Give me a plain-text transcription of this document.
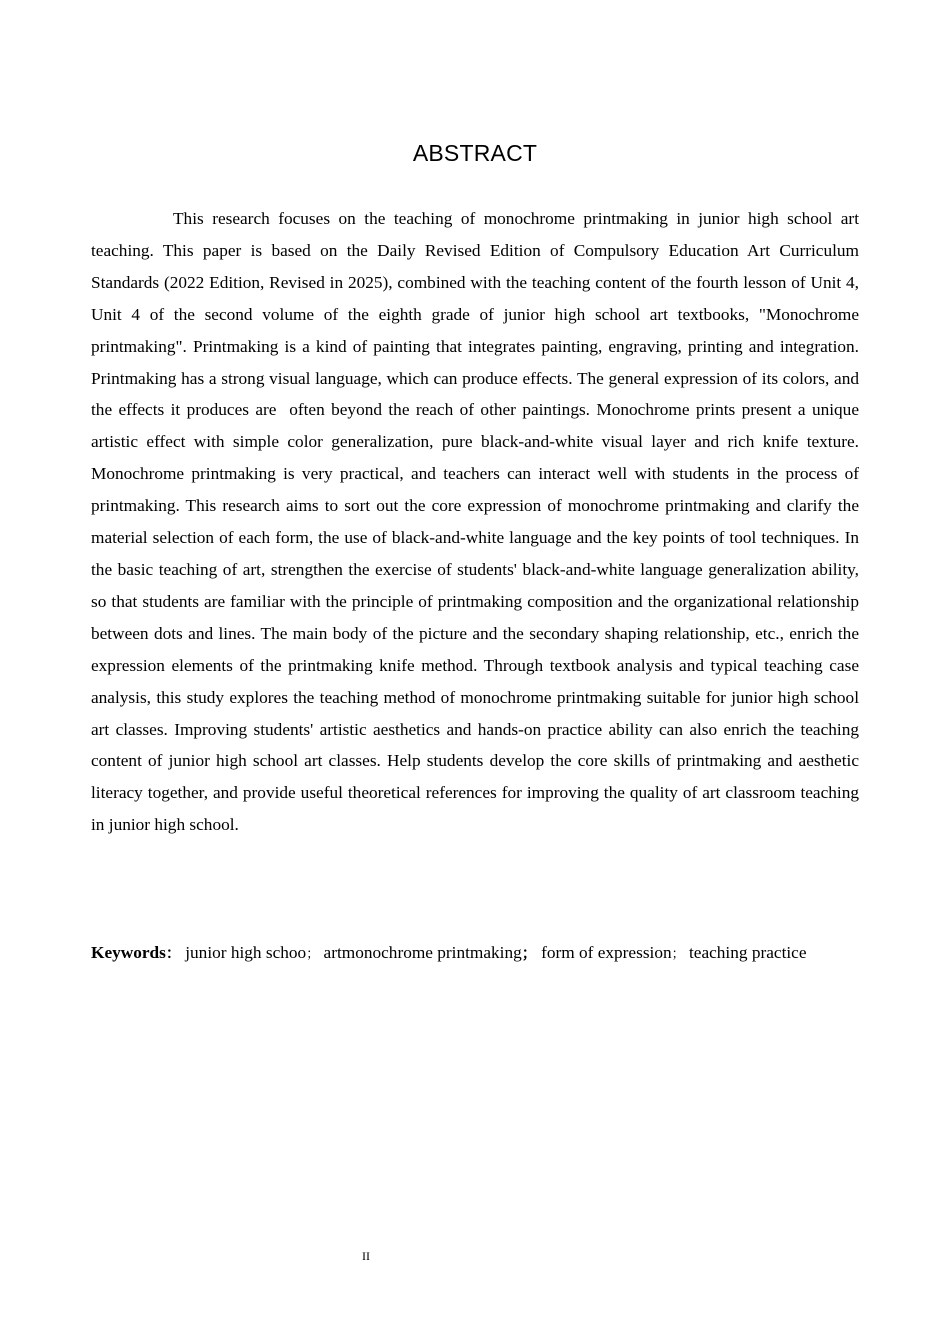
ABSTRACT

This research focuses on the teaching of monochrome printmaking in junior high school art teaching. This paper is based on the Daily Revised Edition of Compulsory Education Art Curriculum Standards (2022 Edition, Revised in 2025), combined with the teaching content of the fourth lesson of Unit 4, Unit 4 of the second volume of the eighth grade of junior high school art textbooks, "Monochrome printmaking". Printmaking is a kind of painting that integrates painting, engraving, printing and integration. Printmaking has a strong visual language, which can produce effects. The general expression of its colors, and the effects it produces are  often beyond the reach of other paintings. Monochrome prints present a unique artistic effect with simple color generalization, pure black-and-white visual layer and rich knife texture. Monochrome printmaking is very practical, and teachers can interact well with students in the process of printmaking. This research aims to sort out the core expression of monochrome printmaking and clarify the material selection of each form, the use of black-and-white language and the key points of tool techniques. In the basic teaching of art, strengthen the exercise of students' black-and-white language generalization ability, so that students are familiar with the principle of printmaking composition and the organizational relationship between dots and lines. The main body of the picture and the secondary shaping relationship, etc., enrich the expression elements of the printmaking knife method. Through textbook analysis and typical teaching case analysis, this study explores the teaching method of monochrome printmaking suitable for junior high school art classes. Improving students' artistic aesthetics and hands-on practice ability can also enrich the teaching content of junior high school art classes. Help students develop the core skills of printmaking and aesthetic literacy together, and provide useful theoretical references for improving the quality of art classroom teaching in junior high school.

Keywords： junior high schoo； artmonochrome printmaking； form of expression； teaching practice

II
